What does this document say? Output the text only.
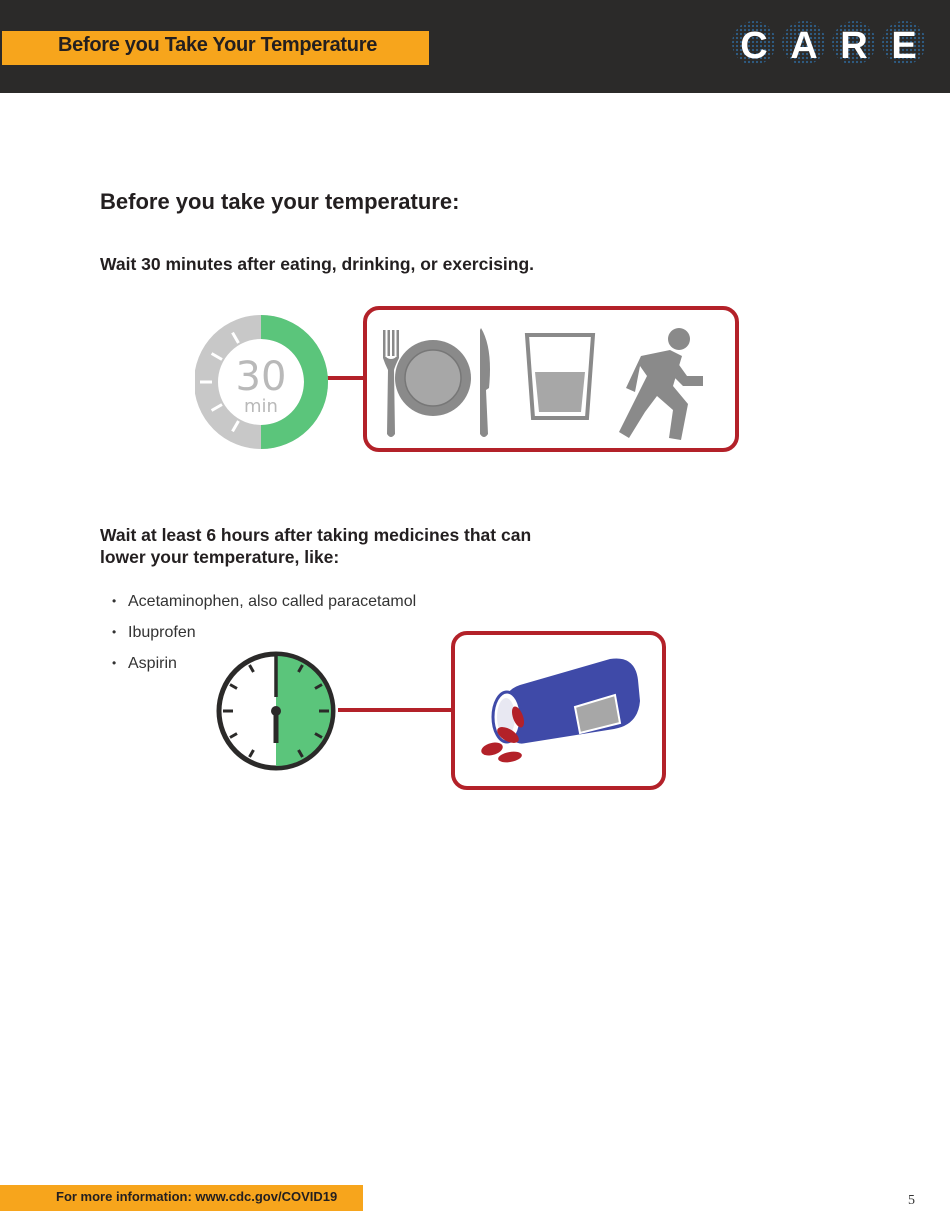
Before you Take Your Temperature	C A R E
Before you take your temperature:
Wait 30 minutes after eating, drinking, or exercising.
30
min
Wait at least 6 hours after taking medicines that can lower your temperature, like:
• Acetaminophen, also called paracetamol
• Ibuprofen
• Aspirin
For more information: www.cdc.gov/COVID19	5
